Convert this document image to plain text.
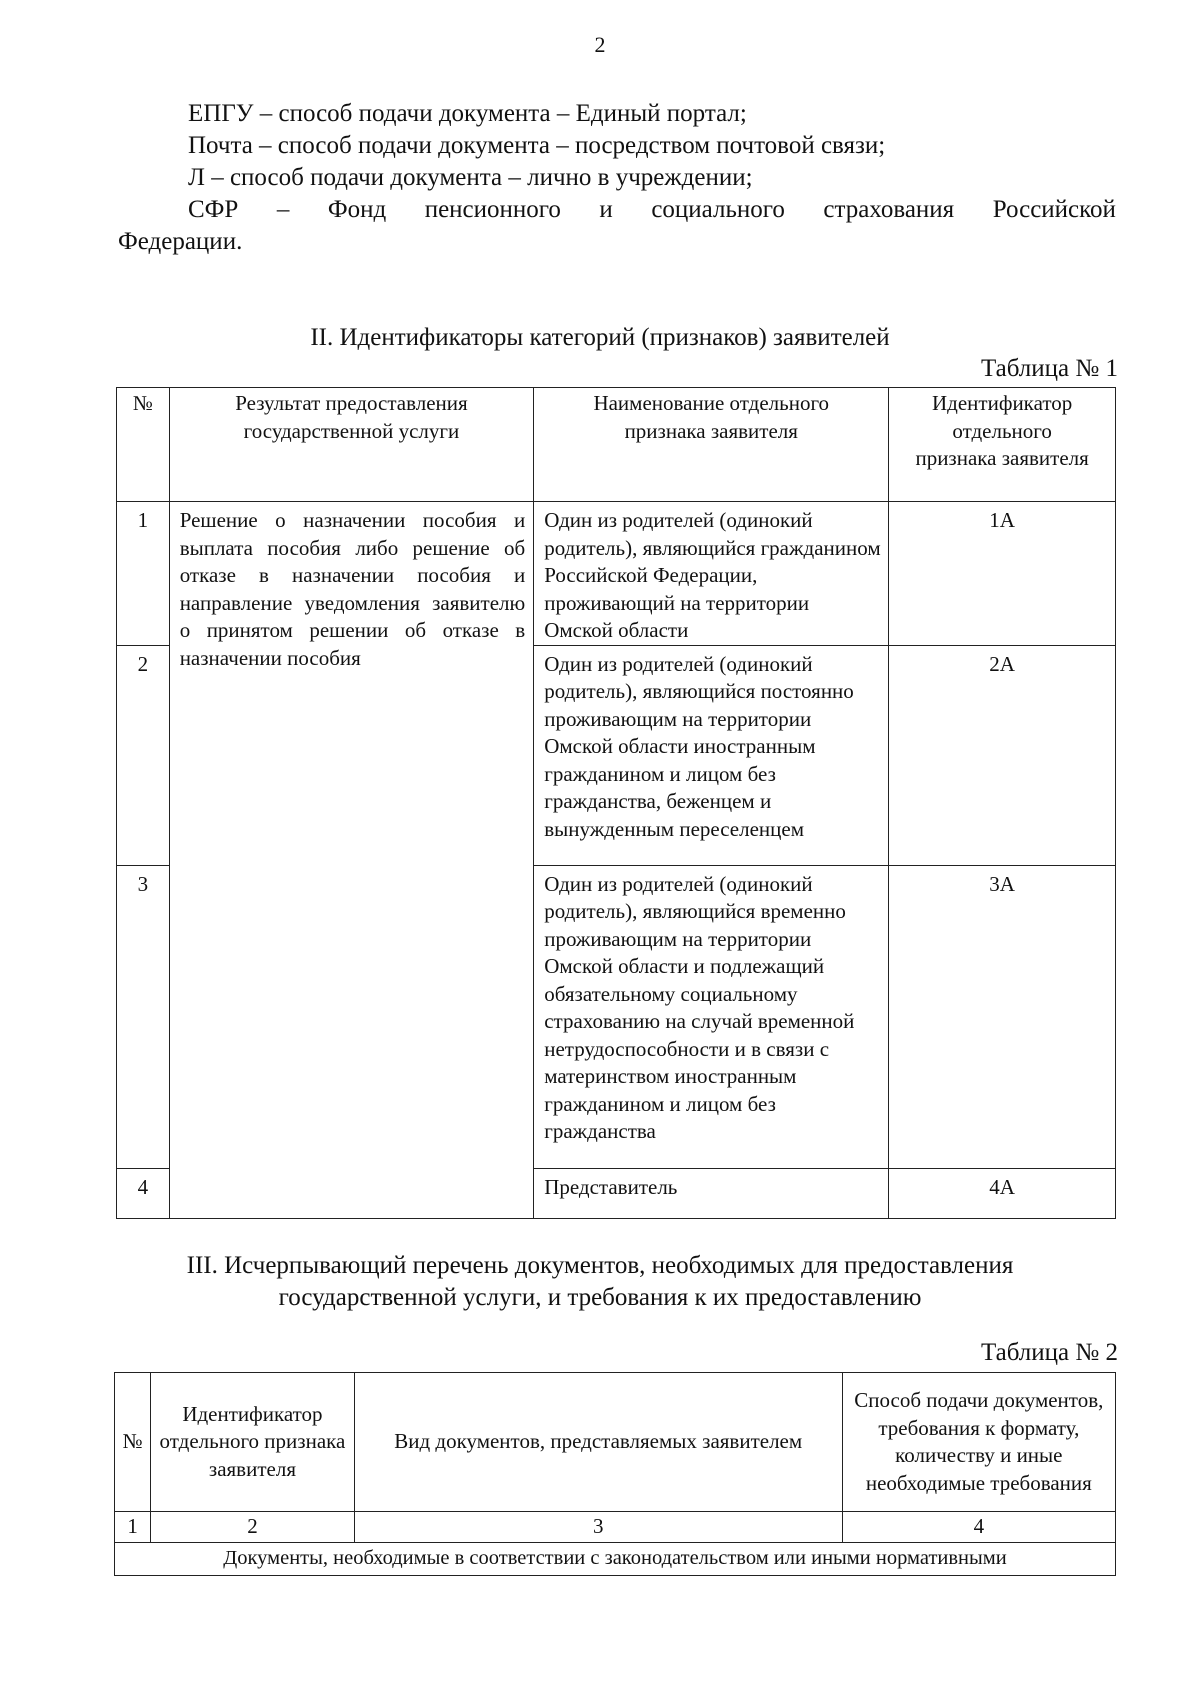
2
ЕПГУ – способ подачи документа – Единый портал;
Почта – способ подачи документа – посредством почтовой связи;
Л – способ подачи документа – лично в учреждении;
СФР – Фонд пенсионного и социального страхования Российской
Федерации.
II. Идентификаторы категорий (признаков) заявителей
Таблица № 1
№	Результат предоставления государственной услуги	Наименование отдельного признака заявителя	Идентификатор отдельного признака заявителя
1	Решение о назначении пособия и выплата пособия либо решение об отказе в назначении пособия и направление уведомления заявителю о принятом решении об отказе в назначении пособия	Один из родителей (одинокий родитель), являющийся гражданином Российской Федерации, проживающий на территории Омской области	1А
2		Один из родителей (одинокий родитель), являющийся постоянно проживающим на территории Омской области иностранным гражданином и лицом без гражданства, беженцем и вынужденным переселенцем	2А
3		Один из родителей (одинокий родитель), являющийся временно проживающим на территории Омской области и подлежащий обязательному социальному страхованию на случай временной нетрудоспособности и в связи с материнством иностранным гражданином и лицом без гражданства	3А
4		Представитель	4А
III. Исчерпывающий перечень документов, необходимых для предоставления
государственной услуги, и требования к их предоставлению
Таблица № 2
№	Идентификатор отдельного признака заявителя	Вид документов, представляемых заявителем	Способ подачи документов, требования к формату, количеству и иные необходимые требования
1	2	3	4
Документы, необходимые в соответствии с законодательством или иными нормативными			
